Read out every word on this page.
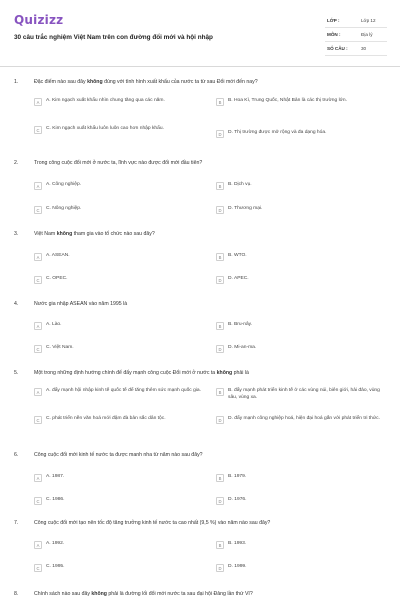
Quizizz
30 câu trắc nghiệm Việt Nam trên con đường đổi mới và hội nhập
LỚP :	Lớp 12
MÔN :	Địa lý
SỐ CÂU :	30
1.	Đặc điểm nào sau đây không đúng với tình hình xuất khẩu của nước ta từ sau Đổi mới đến nay?
A	A. Kim ngạch xuất khẩu nhìn chung tăng qua các năm.	B	B. Hoa Kì, Trung Quốc, Nhật Bản là các thị trường lớn.
C	C. Kim ngạch xuất khẩu luôn luôn cao hơn nhập khẩu.
D	D. Thị trường được mở rộng và đa dạng hóa.
2.	Trong công cuộc đổi mới ở nước ta, lĩnh vực nào được đổi mới đầu tiên?
A	A. Công nghiệp.	B	B. Dịch vụ.
C	C. Nông nghiệp.	D	D. Thương mại.
3.	Việt Nam không tham gia vào tổ chức nào sau đây?
A	A. ASEAN.	B	B. WTO.
C	C. OPEC.	D	D. APEC.
4.	Nước gia nhập ASEAN vào năm 1995 là
A	A. Lào.	B	B. Bru-nây.
C	C. Việt Nam.	D	D. Mi-an-ma.
5.	Một trong những định hướng chính để đẩy mạnh công cuộc Đổi mới ở nước ta không phải là
A	A. đẩy mạnh hội nhập kinh tế quốc tế để tăng thêm sức mạnh quốc gia.	B	B. đẩy mạnh phát triển kinh tế ở các vùng núi, biên giới, hải đảo, vùng sâu, vùng xa.
C	C. phát triển nền văn hoá mới đậm đà bản sắc dân tộc.	D	D. đẩy mạnh công nghiệp hoá, hiện đại hoá gắn với phát triển tri thức.
6.	Công cuộc đổi mới kinh tế nước ta được manh nha từ năm nào sau đây?
A	A. 1987.	B	B. 1979.
C	C. 1986.	D	D. 1976.
7.	Công cuộc đổi mới tạo nên tốc độ tăng trưởng kinh tế nước ta cao nhất (9,5 %) vào năm nào sau đây?
A	A. 1992.	B	B. 1993.
C	C. 1995.	D	D. 1999.
8.	Chính sách nào sau đây không phải là đường lối đổi mới nước ta sau đại hội Đảng lần thứ VI?
